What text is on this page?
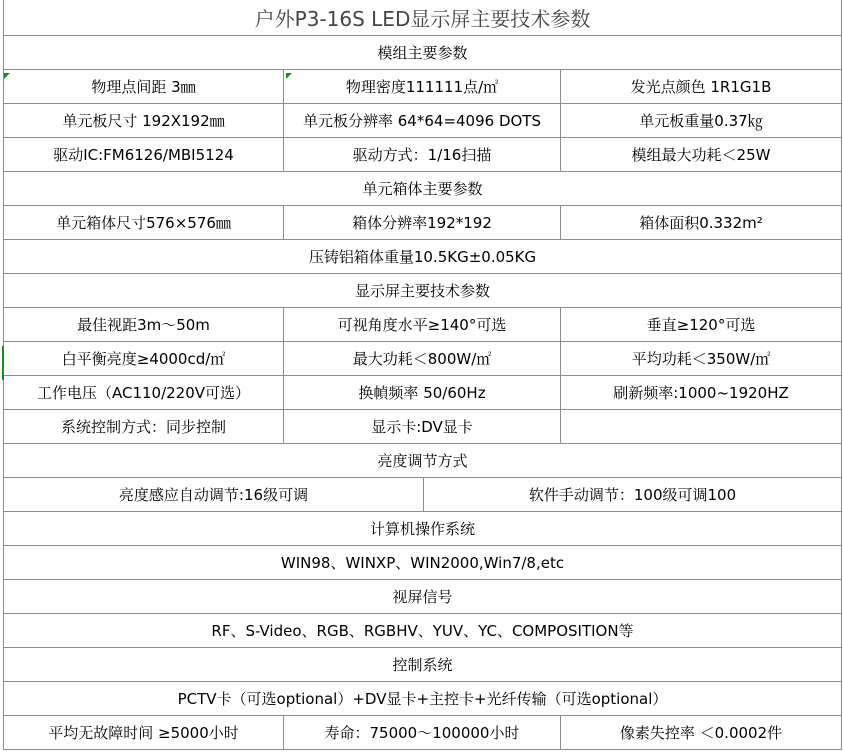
户外P3-16S LED显示屏主要技术参数			
模组主要参数			
物理点间距 3㎜	物理密度111111点/㎡		发光点颜色 1R1G1B
单元板尺寸 192X192㎜	单元板分辨率 64*64=4096 DOTS		单元板重量0.37㎏
驱动IC:FM6126/MBI5124	驱动方式：1/16扫描		模组最大功耗＜25W
单元箱体主要参数			
单元箱体尺寸576×576㎜	箱体分辨率192*192		箱体面积0.332m²
压铸铝箱体重量10.5KG±0.05KG			
显示屏主要技术参数			
最佳视距3m～50m	可视角度水平≥140°可选		垂直≥120°可选
白平衡亮度≥4000cd/㎡	最大功耗＜800W/㎡		平均功耗＜350W/㎡
工作电压（AC110/220V可选）	换幀频率 50/60Hz		刷新频率:1000~1920HZ
系统控制方式：同步控制	显示卡:DV显卡		
亮度调节方式			
亮度感应自动调节:16级可调		软件手动调节：100级可调100	
计算机操作系统			
WIN98、WINXP、WIN2000,Win7/8,etc			
视屏信号			
RF、S-Video、RGB、RGBHV、YUV、YC、COMPOSITION等			
控制系统			
PCTV卡（可选optional）+DV显卡+主控卡+光纤传输（可选optional）			
平均无故障时间 ≥5000小时	寿命：75000～100000小时		像素失控率 ＜0.0002件
